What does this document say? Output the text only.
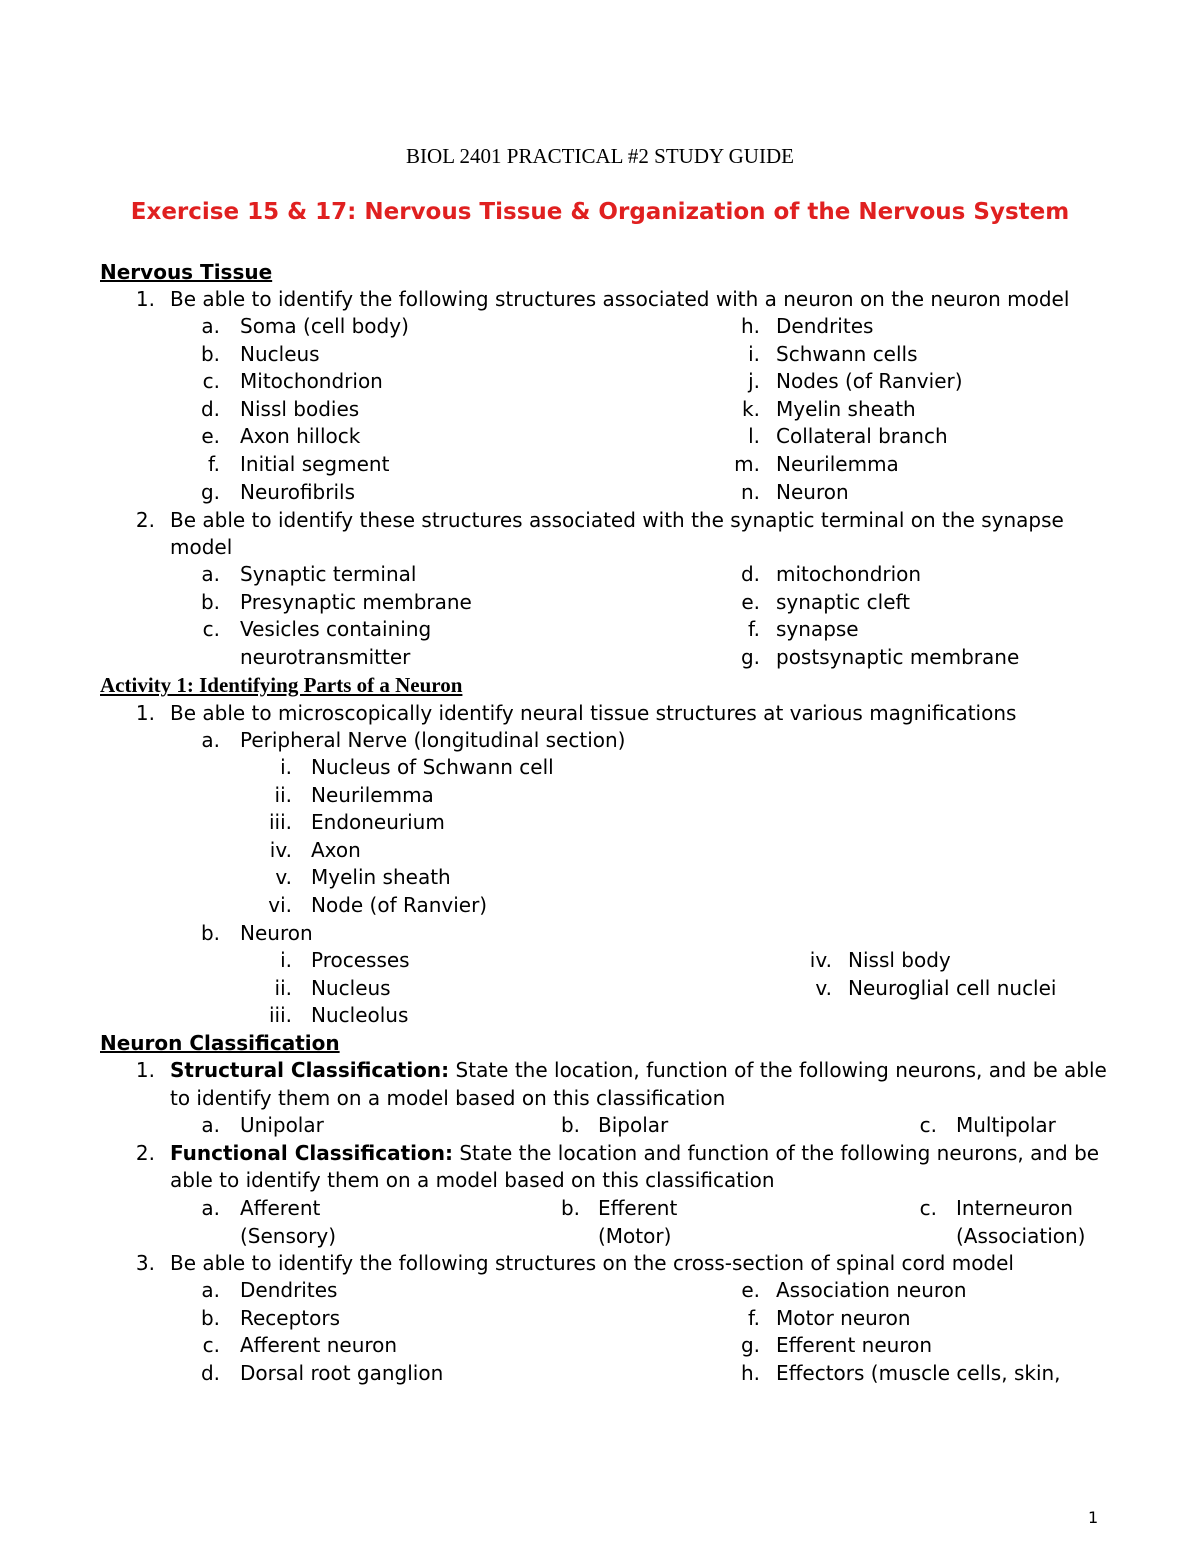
BIOL 2401 PRACTICAL #2 STUDY GUIDE
Exercise 15 & 17: Nervous Tissue & Organization of the Nervous System
Nervous Tissue
1. Be able to identify the following structures associated with a neuron on the neuron model
a. Soma (cell body)
b. Nucleus
c. Mitochondrion
d. Nissl bodies
e. Axon hillock
f. Initial segment
g. Neurofibrils
h. Dendrites
i. Schwann cells
j. Nodes (of Ranvier)
k. Myelin sheath
l. Collateral branch
m. Neurilemma
n. Neuron
2. Be able to identify these structures associated with the synaptic terminal on the synapse
model
a. Synaptic terminal
b. Presynaptic membrane
c. Vesicles containing
neurotransmitter
d. mitochondrion
e. synaptic cleft
f. synapse
g. postsynaptic membrane
Activity 1: Identifying Parts of a Neuron
1. Be able to microscopically identify neural tissue structures at various magnifications
a. Peripheral Nerve (longitudinal section)
i. Nucleus of Schwann cell
ii. Neurilemma
iii. Endoneurium
iv. Axon
v. Myelin sheath
vi. Node (of Ranvier)
b. Neuron
i. Processes
ii. Nucleus
iii. Nucleolus
iv. Nissl body
v. Neuroglial cell nuclei
Neuron Classification
1. Structural Classification: State the location, function of the following neurons, and be able
to identify them on a model based on this classification
a. Unipolar	b. Bipolar	c. Multipolar
2. Functional Classification: State the location and function of the following neurons, and be
able to identify them on a model based on this classification
a. Afferent
(Sensory)
b. Efferent
(Motor)
c. Interneuron
(Association)
3. Be able to identify the following structures on the cross-section of spinal cord model
a. Dendrites
b. Receptors
c. Afferent neuron
d. Dorsal root ganglion
e. Association neuron
f. Motor neuron
g. Efferent neuron
h. Effectors (muscle cells, skin,
1
